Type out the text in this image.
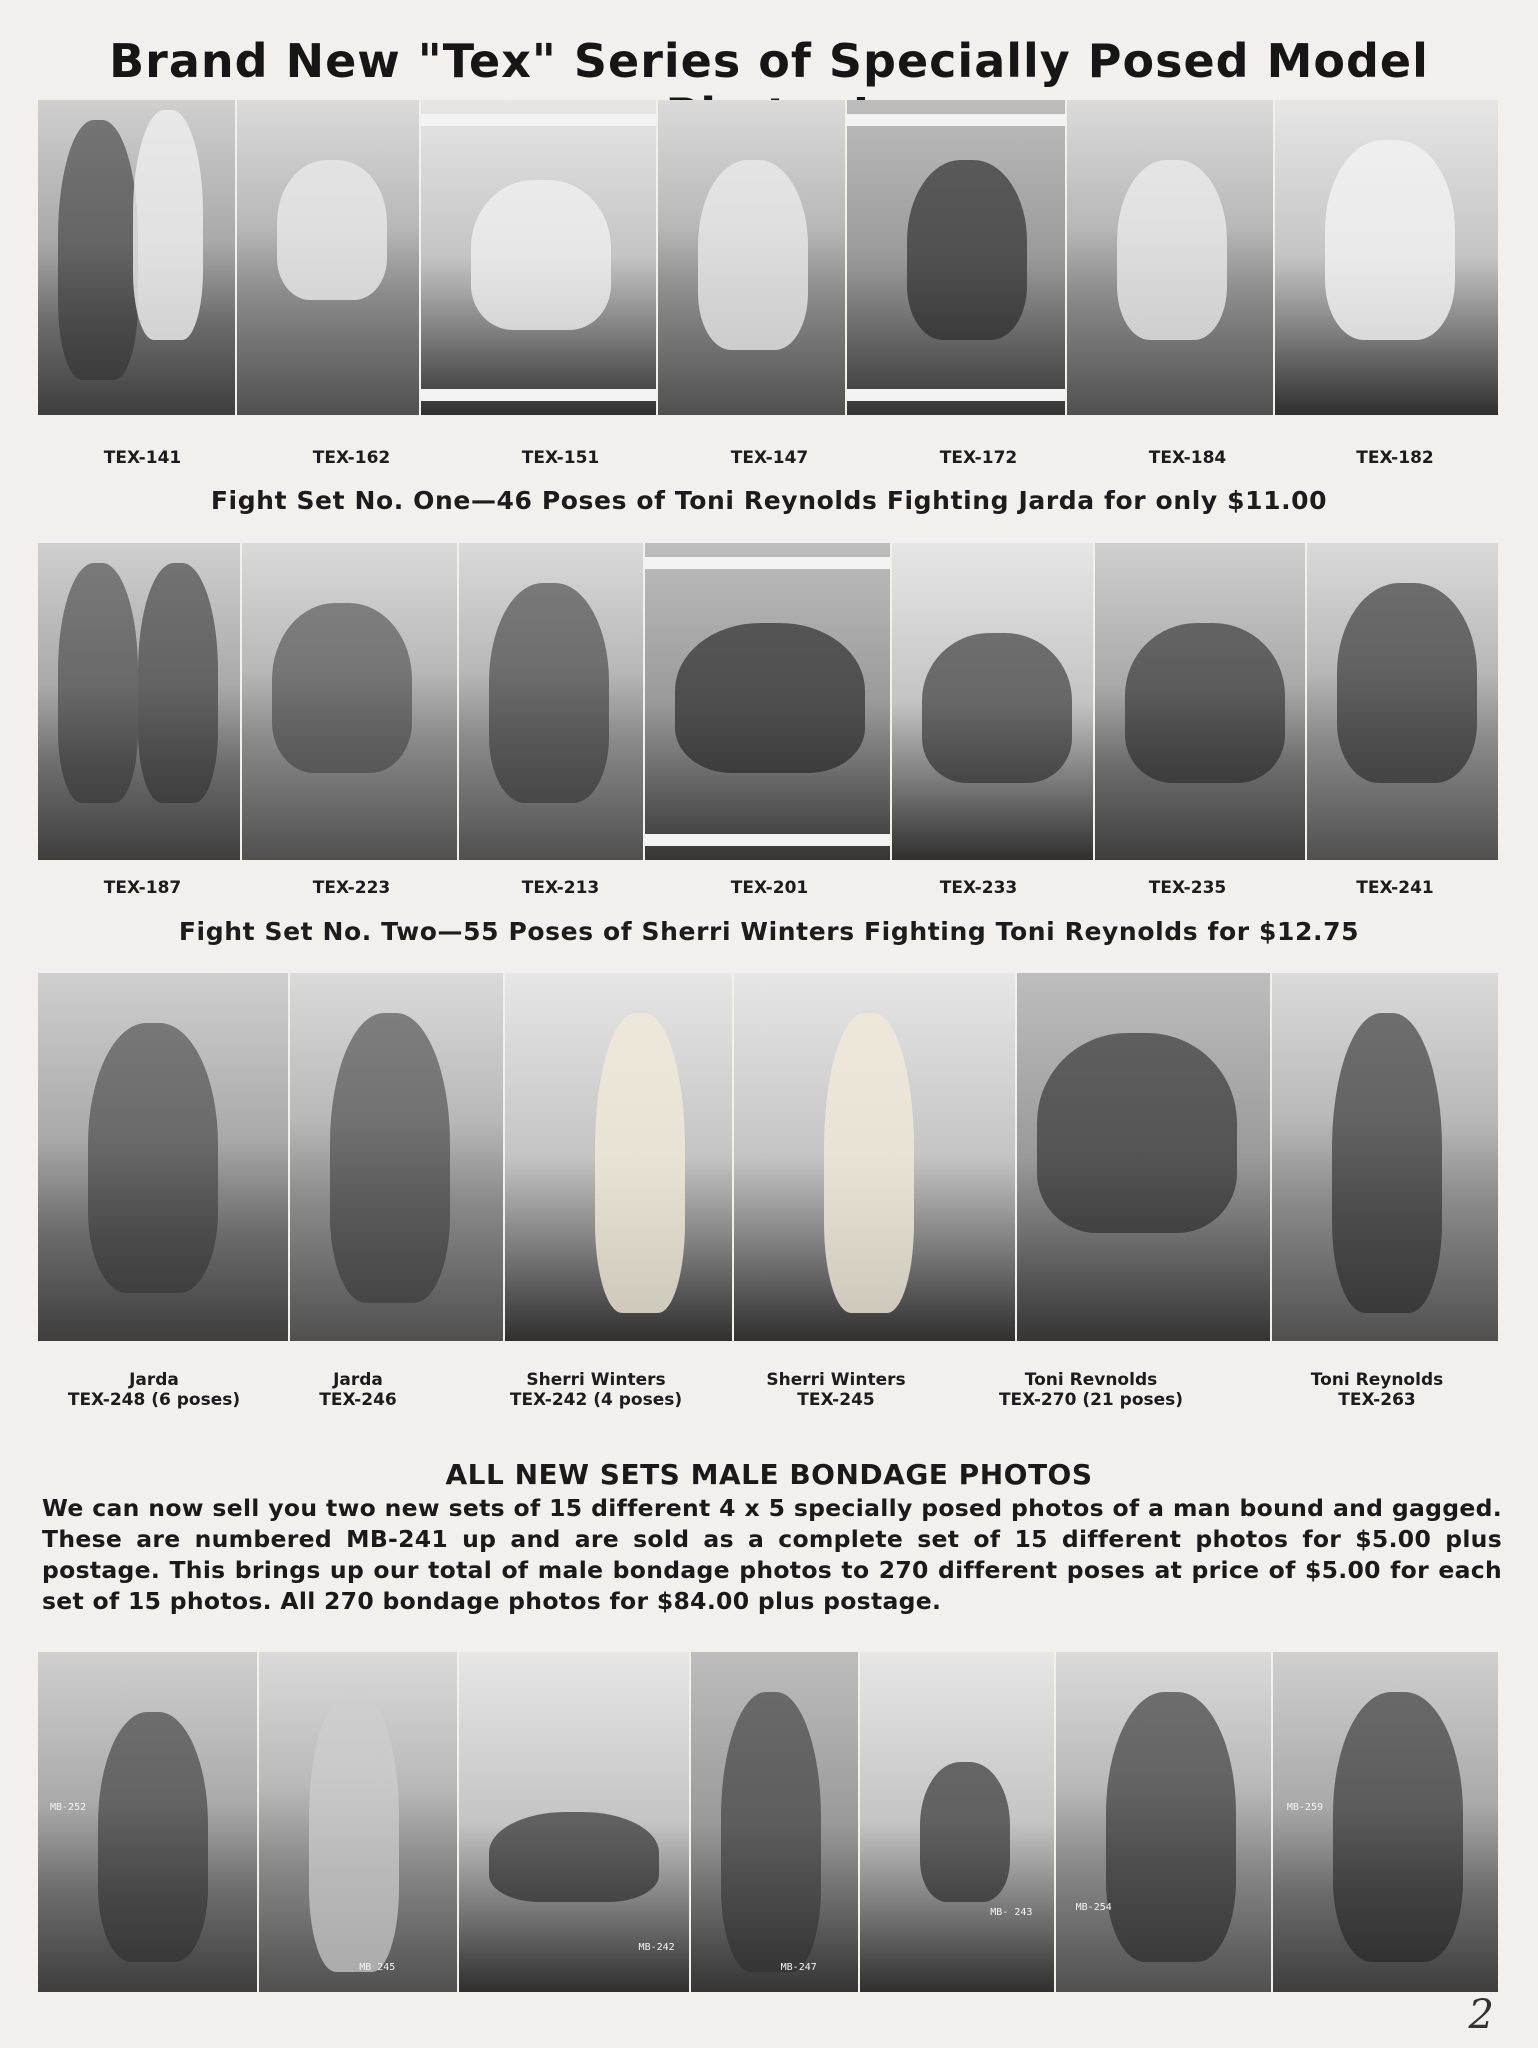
Brand New "Tex" Series of Specially Posed Model
TEX-141	TEX-162	TEX-151	TEX-147	TEX-172	TEX-184	TEX-182
Fight Set No. One—46 Poses of Toni Reynolds Fighting Jarda for only $11.00
TEX-187	TEX-223	TEX-213	TEX-201	TEX-233	TEX-235	TEX-241
Fight Set No. Two—55 Poses of Sherri Winters Fighting Toni Reynolds for $12.75
Jarda
TEX-248 (6 poses)
Jarda
TEX-246
Sherri Winters
TEX-242 (4 poses)
Sherri Winters
TEX-245
Toni Revnolds
TEX-270 (21 poses)
Toni Reynolds
TEX-263
ALL NEW SETS MALE BONDAGE PHOTOS
We can now sell you two new sets of 15 different 4 x 5 specially posed photos of a man bound and gagged. These are numbered MB-241 up and are sold as a complete set of 15 different photos for $5.00 plus postage. This brings up our total of male bondage photos to 270 different poses at price of $5.00 for each set of 15 photos. All 270 bondage photos for $84.00 plus postage.
MB-252
MB 245
MB-242
MB-247
MB- 243	MB-254
MB-259
2
